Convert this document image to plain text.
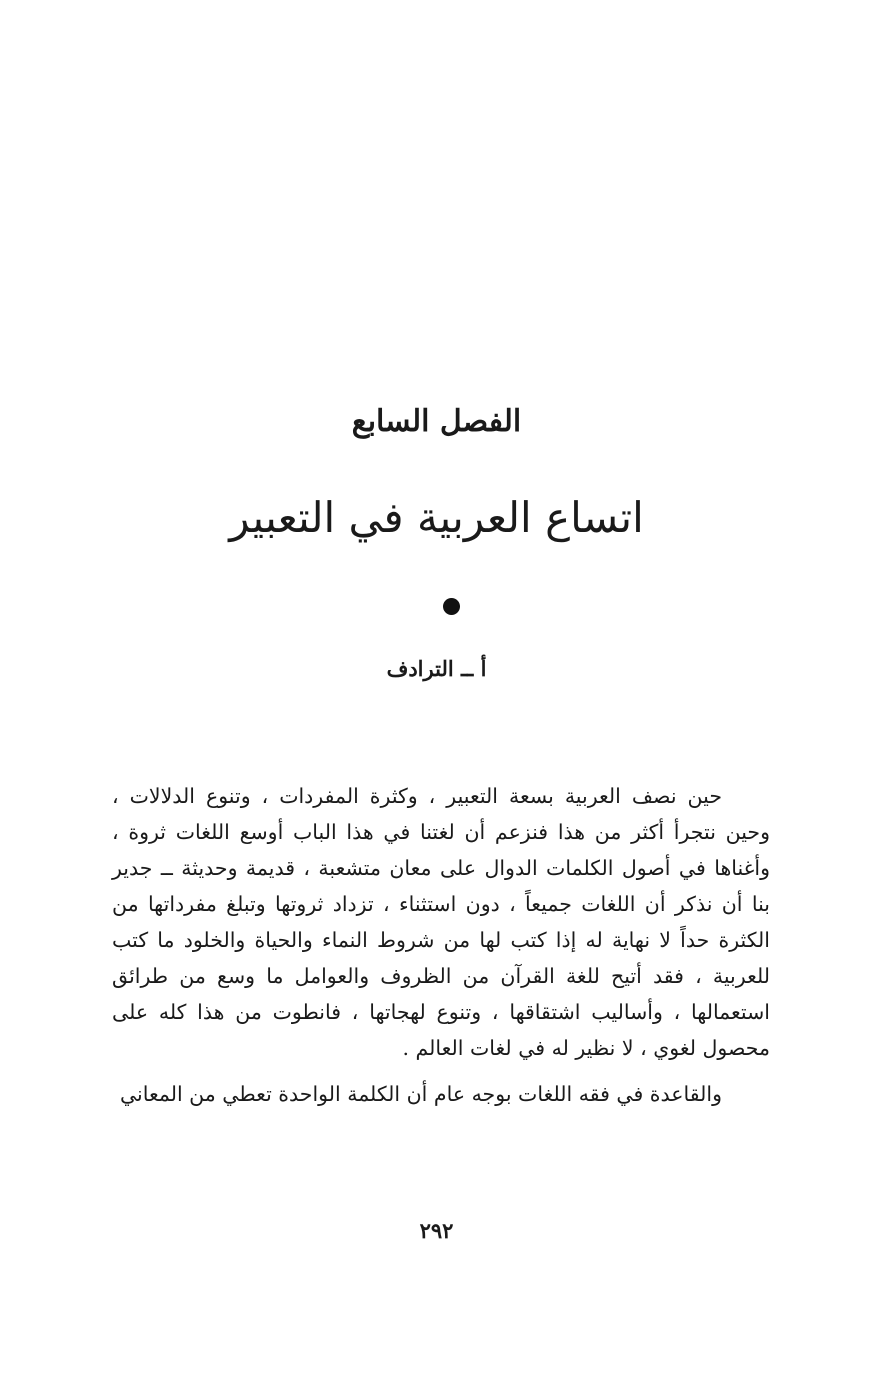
الفصل السابع
اتساع العربية في التعبير
أ ــ الترادف

حين نصف العربية بسعة التعبير ، وكثرة المفردات ، وتنوع الدلالات ، وحين نتجرأ أكثر من هذا فنزعم أن لغتنا في هذا الباب أوسع اللغات ثروة ، وأغناها في أصول الكلمات الدوال على معان متشعبة ، قديمة وحديثة ــ جدير بنا أن نذكر أن اللغات جميعاً ، دون استثناء ، تزداد ثروتها وتبلغ مفرداتها من الكثرة حداً لا نهاية له إذا كتب لها من شروط النماء والحياة والخلود ما كتب للعربية ، فقد أتيح للغة القرآن من الظروف والعوامل ما وسع من طرائق استعمالها ، وأساليب اشتقاقها ، وتنوع لهجاتها ، فانطوت من هذا كله على محصول لغوي ، لا نظير له في لغات العالم .

والقاعدة في فقه اللغات بوجه عام أن الكلمة الواحدة تعطي من المعاني

٢٩٢
